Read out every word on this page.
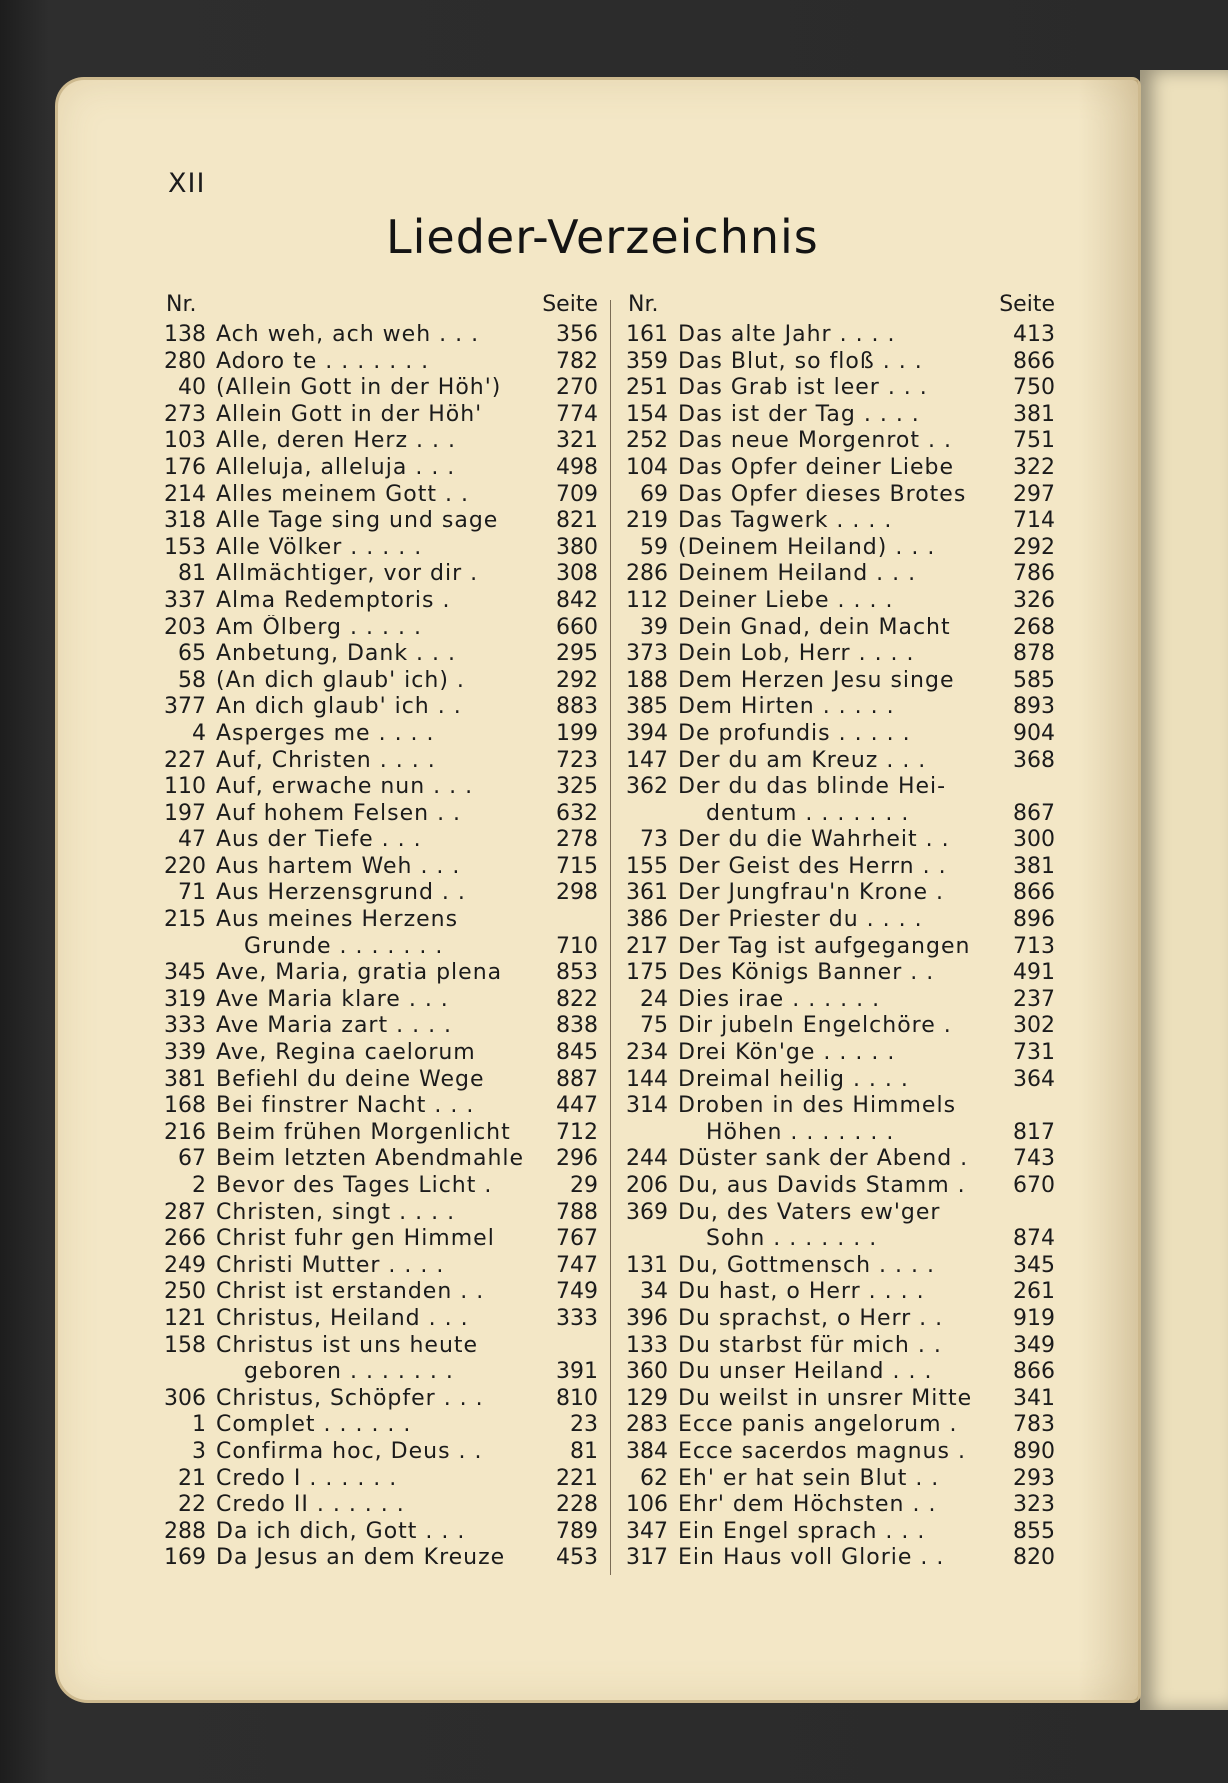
XII
Lieder-Verzeichnis
Nr.	Seite
138 Ach weh, ach weh . . .	356
280 Adoro te . . . . . . .	782
40 (Allein Gott in der Höh')	270
273 Allein Gott in der Höh'	774
103 Alle, deren Herz . . .	321
176 Alleluja, alleluja . . .	498
214 Alles meinem Gott . .	709
318 Alle Tage sing und sage	821
153 Alle Völker . . . . .	380
81 Allmächtiger, vor dir .	308
337 Alma Redemptoris .	842
203 Am Ölberg . . . . .	660
65 Anbetung, Dank . . .	295
58 (An dich glaub' ich) .	292
377 An dich glaub' ich . .	883
4 Asperges me . . . .	199
227 Auf, Christen . . . .	723
110 Auf, erwache nun . . .	325
197 Auf hohem Felsen . .	632
47 Aus der Tiefe . . .	278
220 Aus hartem Weh . . .	715
71 Aus Herzensgrund . .	298
215 Aus meines Herzens
Grunde . . . . . . .	710
345 Ave, Maria, gratia plena	853
319 Ave Maria klare . . .	822
333 Ave Maria zart . . . .	838
339 Ave, Regina caelorum	845
381 Befiehl du deine Wege	887
168 Bei finstrer Nacht . . .	447
216 Beim frühen Morgenlicht	712
67 Beim letzten Abendmahle	296
2 Bevor des Tages Licht .	29
287 Christen, singt . . . .	788
266 Christ fuhr gen Himmel	767
249 Christi Mutter . . . .	747
250 Christ ist erstanden . .	749
121 Christus, Heiland . . .	333
158 Christus ist uns heute
geboren . . . . . . .	391
306 Christus, Schöpfer . . .	810
1 Complet . . . . . .	23
3 Confirma hoc, Deus . .	81
21 Credo I . . . . . .	221
22 Credo II . . . . . .	228
288 Da ich dich, Gott . . .	789
169 Da Jesus an dem Kreuze	453
Nr.	Seite
161 Das alte Jahr . . . .	413
359 Das Blut, so floß . . .	866
251 Das Grab ist leer . . .	750
154 Das ist der Tag . . . .	381
252 Das neue Morgenrot . .	751
104 Das Opfer deiner Liebe	322
69 Das Opfer dieses Brotes	297
219 Das Tagwerk . . . .	714
59 (Deinem Heiland) . . .	292
286 Deinem Heiland . . .	786
112 Deiner Liebe . . . .	326
39 Dein Gnad, dein Macht	268
373 Dein Lob, Herr . . . .	878
188 Dem Herzen Jesu singe	585
385 Dem Hirten . . . . .	893
394 De profundis . . . . .	904
147 Der du am Kreuz . . .	368
362 Der du das blinde Hei-
dentum . . . . . . .	867
73 Der du die Wahrheit . .	300
155 Der Geist des Herrn . .	381
361 Der Jungfrau'n Krone .	866
386 Der Priester du . . . .	896
217 Der Tag ist aufgegangen	713
175 Des Königs Banner . .	491
24 Dies irae . . . . . .	237
75 Dir jubeln Engelchöre .	302
234 Drei Kön'ge . . . . .	731
144 Dreimal heilig . . . .	364
314 Droben in des Himmels
Höhen . . . . . . .	817
244 Düster sank der Abend .	743
206 Du, aus Davids Stamm .	670
369 Du, des Vaters ew'ger
Sohn . . . . . . .	874
131 Du, Gottmensch . . . .	345
34 Du hast, o Herr . . . .	261
396 Du sprachst, o Herr . .	919
133 Du starbst für mich . .	349
360 Du unser Heiland . . .	866
129 Du weilst in unsrer Mitte	341
283 Ecce panis angelorum .	783
384 Ecce sacerdos magnus .	890
62 Eh' er hat sein Blut . .	293
106 Ehr' dem Höchsten . .	323
347 Ein Engel sprach . . .	855
317 Ein Haus voll Glorie . .	820
